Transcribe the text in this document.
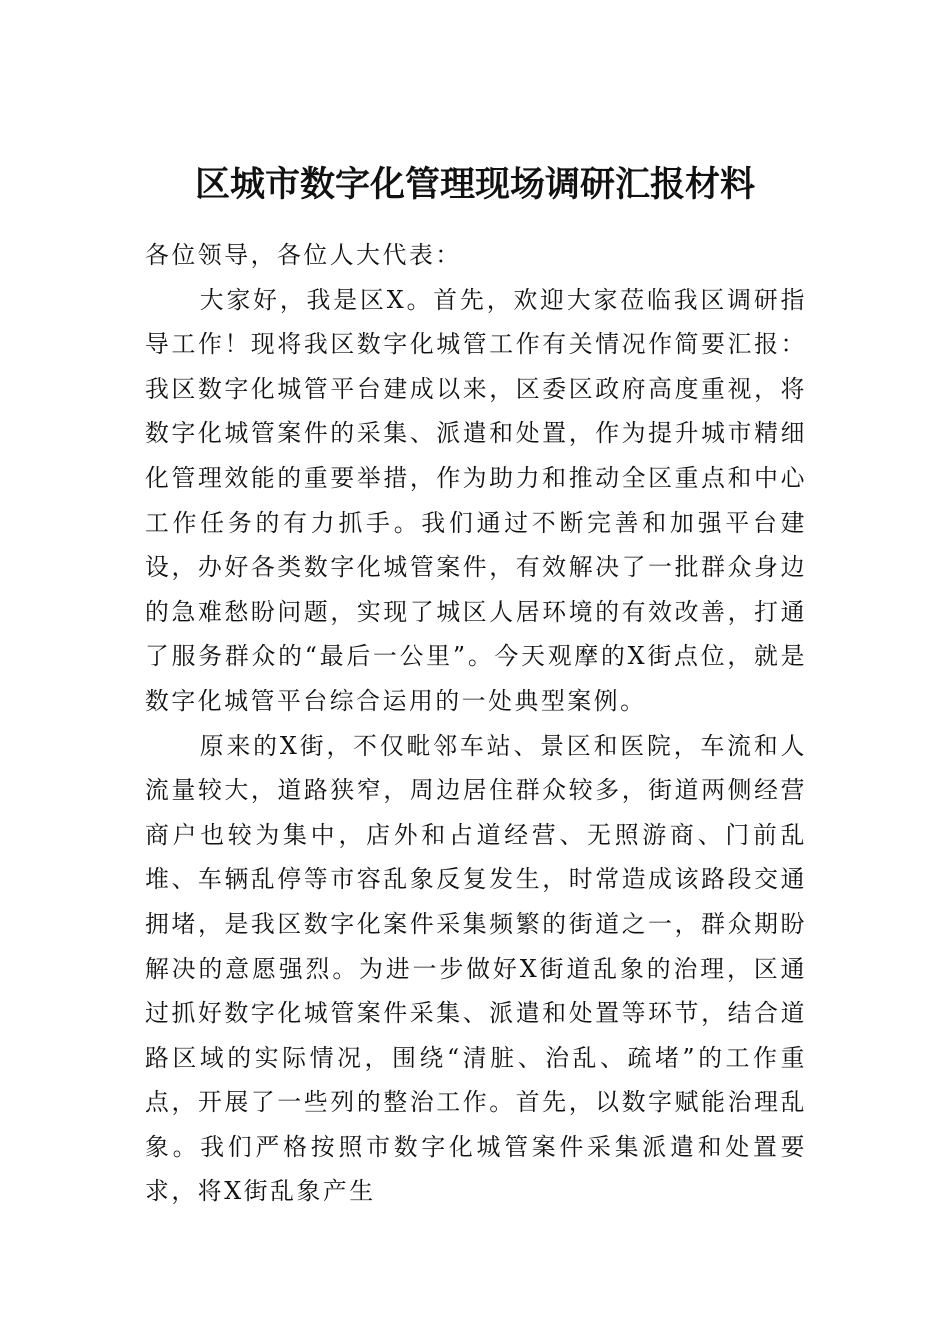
区城市数字化管理现场调研汇报材料

各位领导，各位人大代表：

大家好，我是区X。首先，欢迎大家莅临我区调研指导工作！现将我区数字化城管工作有关情况作简要汇报：我区数字化城管平台建成以来，区委区政府高度重视，将数字化城管案件的采集、派遣和处置，作为提升城市精细化管理效能的重要举措，作为助力和推动全区重点和中心工作任务的有力抓手。我们通过不断完善和加强平台建设，办好各类数字化城管案件，有效解决了一批群众身边的急难愁盼问题，实现了城区人居环境的有效改善，打通了服务群众的“最后一公里”。今天观摩的X街点位，就是数字化城管平台综合运用的一处典型案例。

原来的X街，不仅毗邻车站、景区和医院，车流和人流量较大，道路狭窄，周边居住群众较多，街道两侧经营商户也较为集中，店外和占道经营、无照游商、门前乱堆、车辆乱停等市容乱象反复发生，时常造成该路段交通拥堵，是我区数字化案件采集频繁的街道之一，群众期盼解决的意愿强烈。为进一步做好X街道乱象的治理，区通过抓好数字化城管案件采集、派遣和处置等环节，结合道路区域的实际情况，围绕“清脏、治乱、疏堵”的工作重点，开展了一些列的整治工作。首先，以数字赋能治理乱象。我们严格按照市数字化城管案件采集派遣和处置要求，将X街乱象产生
